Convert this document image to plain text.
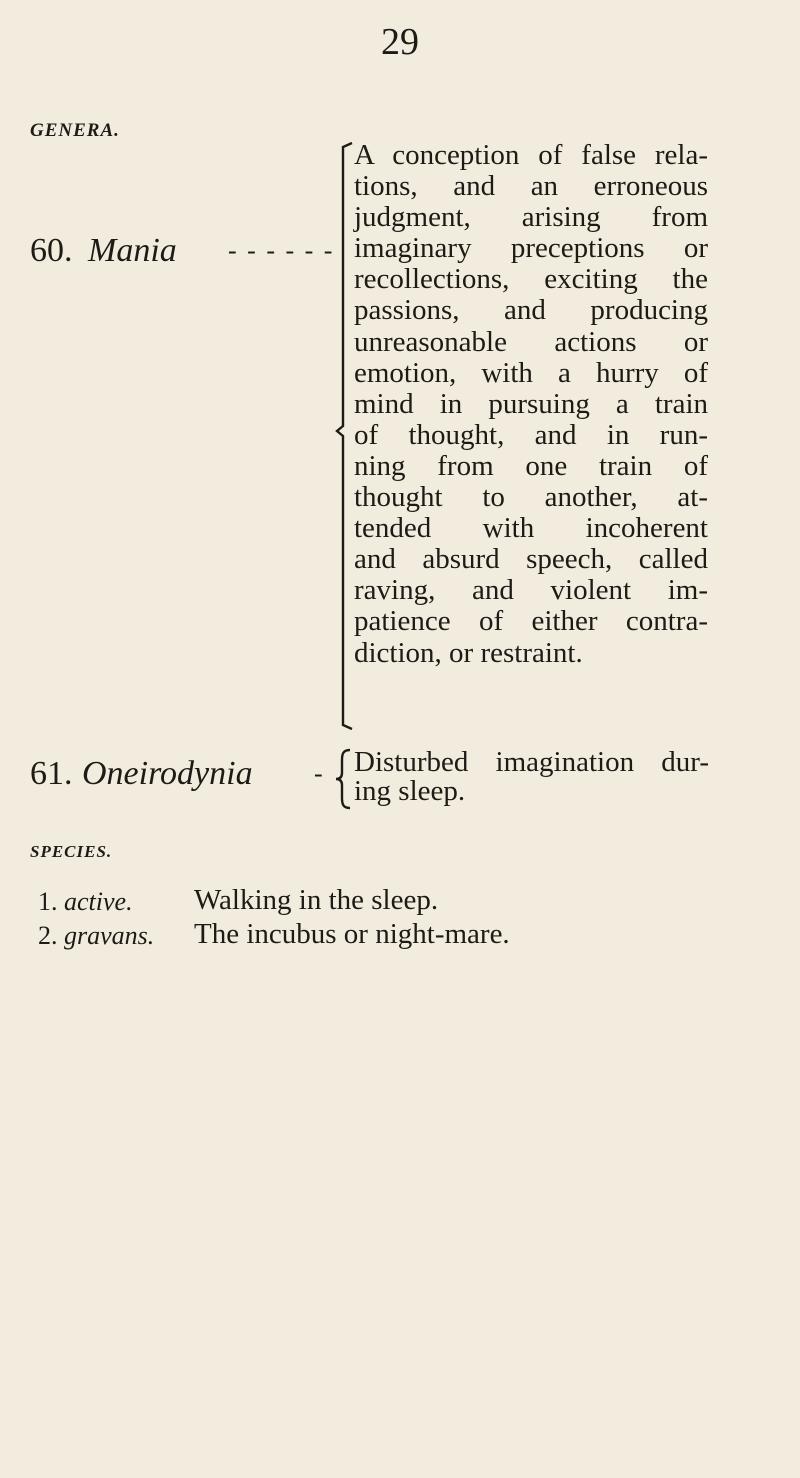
29
GENERA.
60. Mania - - - - - -
A conception of false rela-
tions, and an erroneous
judgment, arising from
imaginary preceptions or
recollections, exciting the
passions, and producing
unreasonable actions or
emotion, with a hurry of
mind in pursuing a train
of thought, and in run-
ning from one train of
thought to another, at-
tended with incoherent
and absurd speech, called
raving, and violent im-
patience of either contra-
diction, or restraint.
61. Oneirodynia - Disturbed imagination dur-
ing sleep.
SPECIES.
1. active. Walking in the sleep.
2. gravans. The incubus or night-mare.
